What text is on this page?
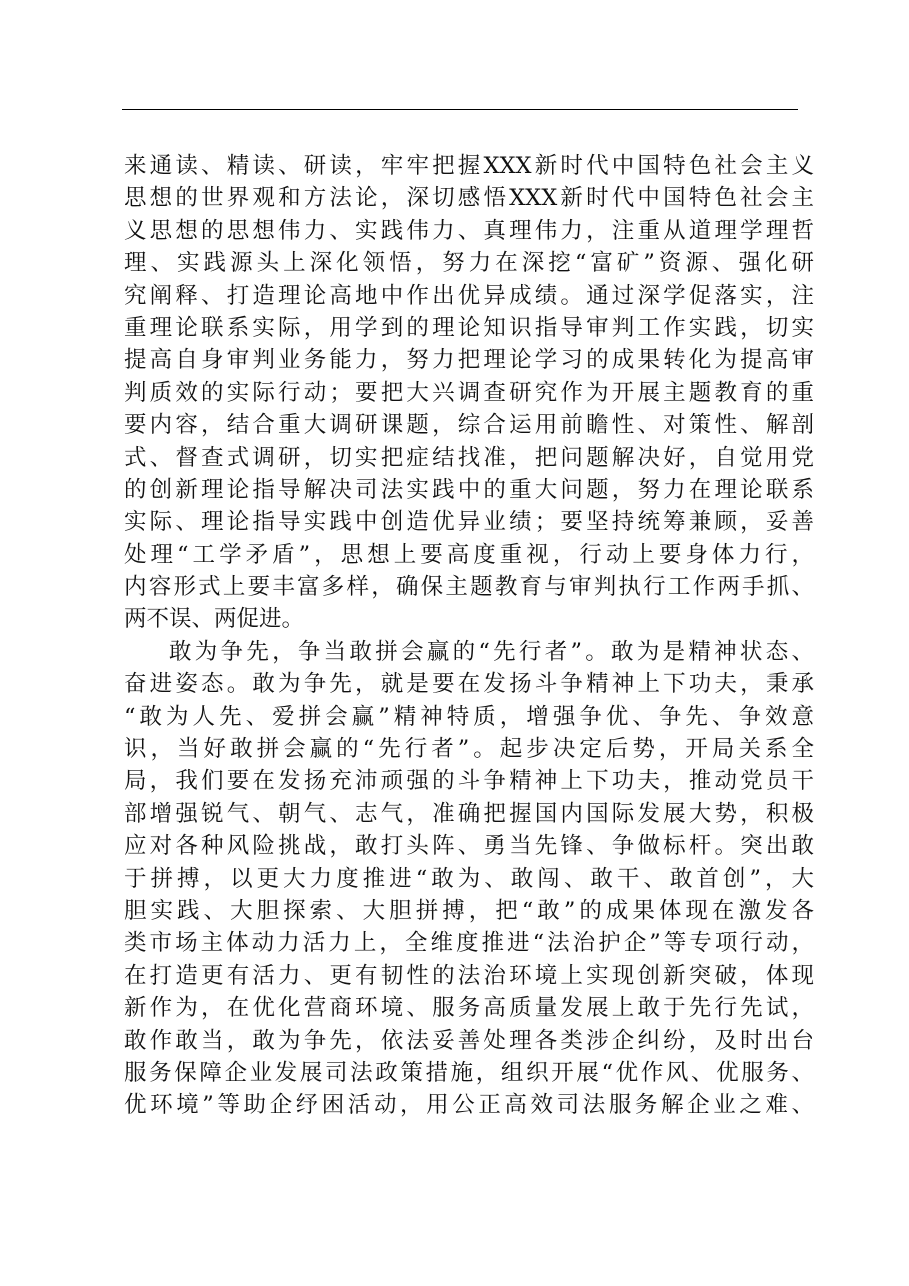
来通读、精读、研读，牢牢把握XXX新时代中国特色社会主义
思想的世界观和方法论，深切感悟XXX新时代中国特色社会主
义思想的思想伟力、实践伟力、真理伟力，注重从道理学理哲
理、实践源头上深化领悟，努力在深挖“富矿”资源、强化研
究阐释、打造理论高地中作出优异成绩。通过深学促落实，注
重理论联系实际，用学到的理论知识指导审判工作实践，切实
提高自身审判业务能力，努力把理论学习的成果转化为提高审
判质效的实际行动；要把大兴调查研究作为开展主题教育的重
要内容，结合重大调研课题，综合运用前瞻性、对策性、解剖
式、督查式调研，切实把症结找准，把问题解决好，自觉用党
的创新理论指导解决司法实践中的重大问题，努力在理论联系
实际、理论指导实践中创造优异业绩；要坚持统筹兼顾，妥善
处理“工学矛盾”，思想上要高度重视，行动上要身体力行，
内容形式上要丰富多样，确保主题教育与审判执行工作两手抓、
两不误、两促进。
敢为争先，争当敢拼会赢的“先行者”。敢为是精神状态、
奋进姿态。敢为争先，就是要在发扬斗争精神上下功夫，秉承
“敢为人先、爱拼会赢”精神特质，增强争优、争先、争效意
识，当好敢拼会赢的“先行者”。起步决定后势，开局关系全
局，我们要在发扬充沛顽强的斗争精神上下功夫，推动党员干
部增强锐气、朝气、志气，准确把握国内国际发展大势，积极
应对各种风险挑战，敢打头阵、勇当先锋、争做标杆。突出敢
于拼搏，以更大力度推进“敢为、敢闯、敢干、敢首创”，大
胆实践、大胆探索、大胆拼搏，把“敢”的成果体现在激发各
类市场主体动力活力上，全维度推进“法治护企”等专项行动，
在打造更有活力、更有韧性的法治环境上实现创新突破，体现
新作为，在优化营商环境、服务高质量发展上敢于先行先试，
敢作敢当，敢为争先，依法妥善处理各类涉企纠纷，及时出台
服务保障企业发展司法政策措施，组织开展“优作风、优服务、
优环境”等助企纾困活动，用公正高效司法服务解企业之难、
